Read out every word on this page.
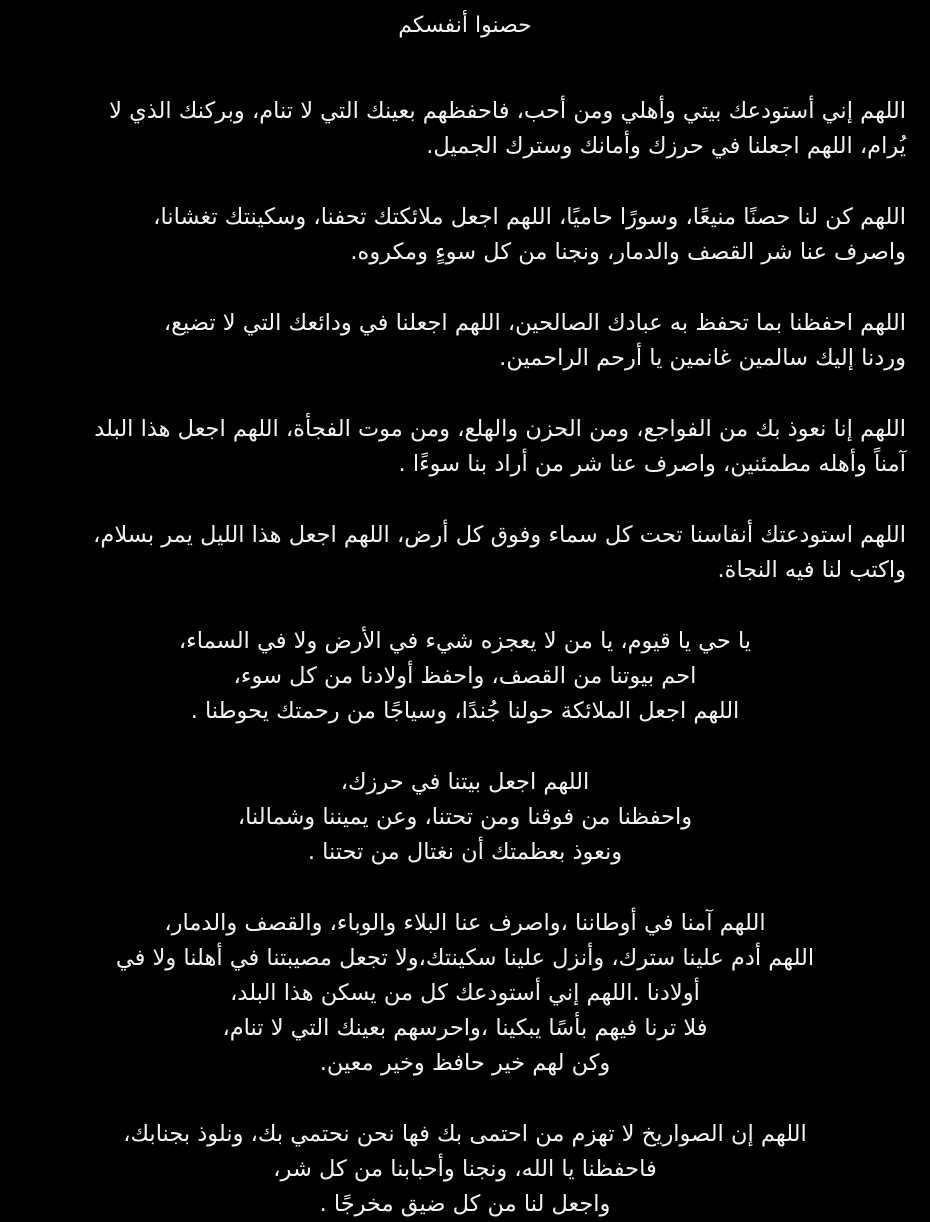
حصنوا أنفسكم
اللهم إني أستودعك بيتي وأهلي ومن أحب، فاحفظهم بعينك التي لا تنام، وبركنك الذي لا
يُرام، اللهم اجعلنا في حرزك وأمانك وسترك الجميل.
اللهم كن لنا حصنًا منيعًا، وسورًا حاميًا، اللهم اجعل ملائكتك تحفنا، وسكينتك تغشانا،
واصرف عنا شر القصف والدمار، ونجنا من كل سوءٍ ومكروه.
اللهم احفظنا بما تحفظ به عبادك الصالحين، اللهم اجعلنا في ودائعك التي لا تضيع،
وردنا إليك سالمين غانمين يا أرحم الراحمين.
اللهم إنا نعوذ بك من الفواجع، ومن الحزن والهلع، ومن موت الفجأة، اللهم اجعل هذا البلد
آمناً وأهله مطمئنين، واصرف عنا شر من أراد بنا سوءًا .
اللهم استودعتك أنفاسنا تحت كل سماء وفوق كل أرض، اللهم اجعل هذا الليل يمر بسلام،
واكتب لنا فيه النجاة.
يا حي يا قيوم، يا من لا يعجزه شيء في الأرض ولا في السماء،
احم بيوتنا من القصف، واحفظ أولادنا من كل سوء،
اللهم اجعل الملائكة حولنا جُندًا، وسياجًا من رحمتك يحوطنا .
اللهم اجعل بيتنا في حرزك،
واحفظنا من فوقنا ومن تحتنا، وعن يميننا وشمالنا،
ونعوذ بعظمتك أن نغتال من تحتنا .
اللهم آمنا في أوطاننا ،واصرف عنا البلاء والوباء، والقصف والدمار،
اللهم أدم علينا سترك، وأنزل علينا سكينتك،ولا تجعل مصيبتنا في أهلنا ولا في
أولادنا .اللهم إني أستودعك كل من يسكن هذا البلد،
فلا ترنا فيهم بأسًا يبكينا ،واحرسهم بعينك التي لا تنام،
وكن لهم خير حافظ وخير معين.
اللهم إن الصواريخ لا تهزم من احتمى بك فها نحن نحتمي بك، ونلوذ بجنابك،
فاحفظنا يا الله، ونجنا وأحبابنا من كل شر،
واجعل لنا من كل ضيق مخرجًا .
